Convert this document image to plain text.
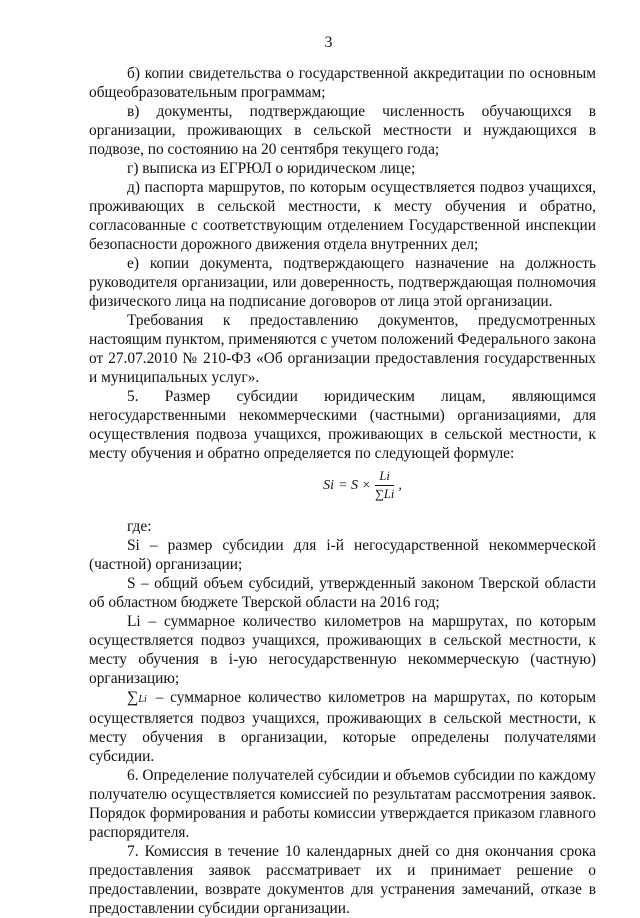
3

б) копии свидетельства о государственной аккредитации по основным общеобразовательным программам;

в) документы, подтверждающие численность обучающихся в организации, проживающих в сельской местности и нуждающихся в подвозе, по состоянию на 20 сентября текущего года;

г) выписка из ЕГРЮЛ о юридическом лице;

д) паспорта маршрутов, по которым осуществляется подвоз учащихся, проживающих в сельской местности, к месту обучения и обратно, согласованные с соответствующим отделением Государственной инспекции безопасности дорожного движения отдела внутренних дел;

е) копии документа, подтверждающего назначение на должность руководителя организации, или доверенность, подтверждающая полномочия физического лица на подписание договоров от лица этой организации.

Требования к предоставлению документов, предусмотренных настоящим пунктом, применяются с учетом положений Федерального закона от 27.07.2010 № 210-ФЗ «Об организации предоставления государственных и муниципальных услуг».

5. Размер субсидии юридическим лицам, являющимся негосударственными некоммерческими (частными) организациями, для осуществления подвоза учащихся, проживающих в сельской местности, к месту обучения и обратно определяется по следующей формуле:

$Si = S \times \frac{Li}{\sum Li}$ ,

где:

Si – размер субсидии для i-й негосударственной некоммерческой (частной) организации;

S – общий объем субсидий, утвержденный законом Тверской области об областном бюджете Тверской области на 2016 год;

Li – суммарное количество километров на маршрутах, по которым осуществляется подвоз учащихся, проживающих в сельской местности, к месту обучения в i-ую негосударственную некоммерческую (частную) организацию;

∑Li – суммарное количество километров на маршрутах, по которым осуществляется подвоз учащихся, проживающих в сельской местности, к месту обучения в организации, которые определены получателями субсидии.

6. Определение получателей субсидии и объемов субсидии по каждому получателю осуществляется комиссией по результатам рассмотрения заявок. Порядок формирования и работы комиссии утверждается приказом главного распорядителя.

7. Комиссия в течение 10 календарных дней со дня окончания срока предоставления заявок рассматривает их и принимает решение о предоставлении, возврате документов для устранения замечаний, отказе в предоставлении субсидии организации.
